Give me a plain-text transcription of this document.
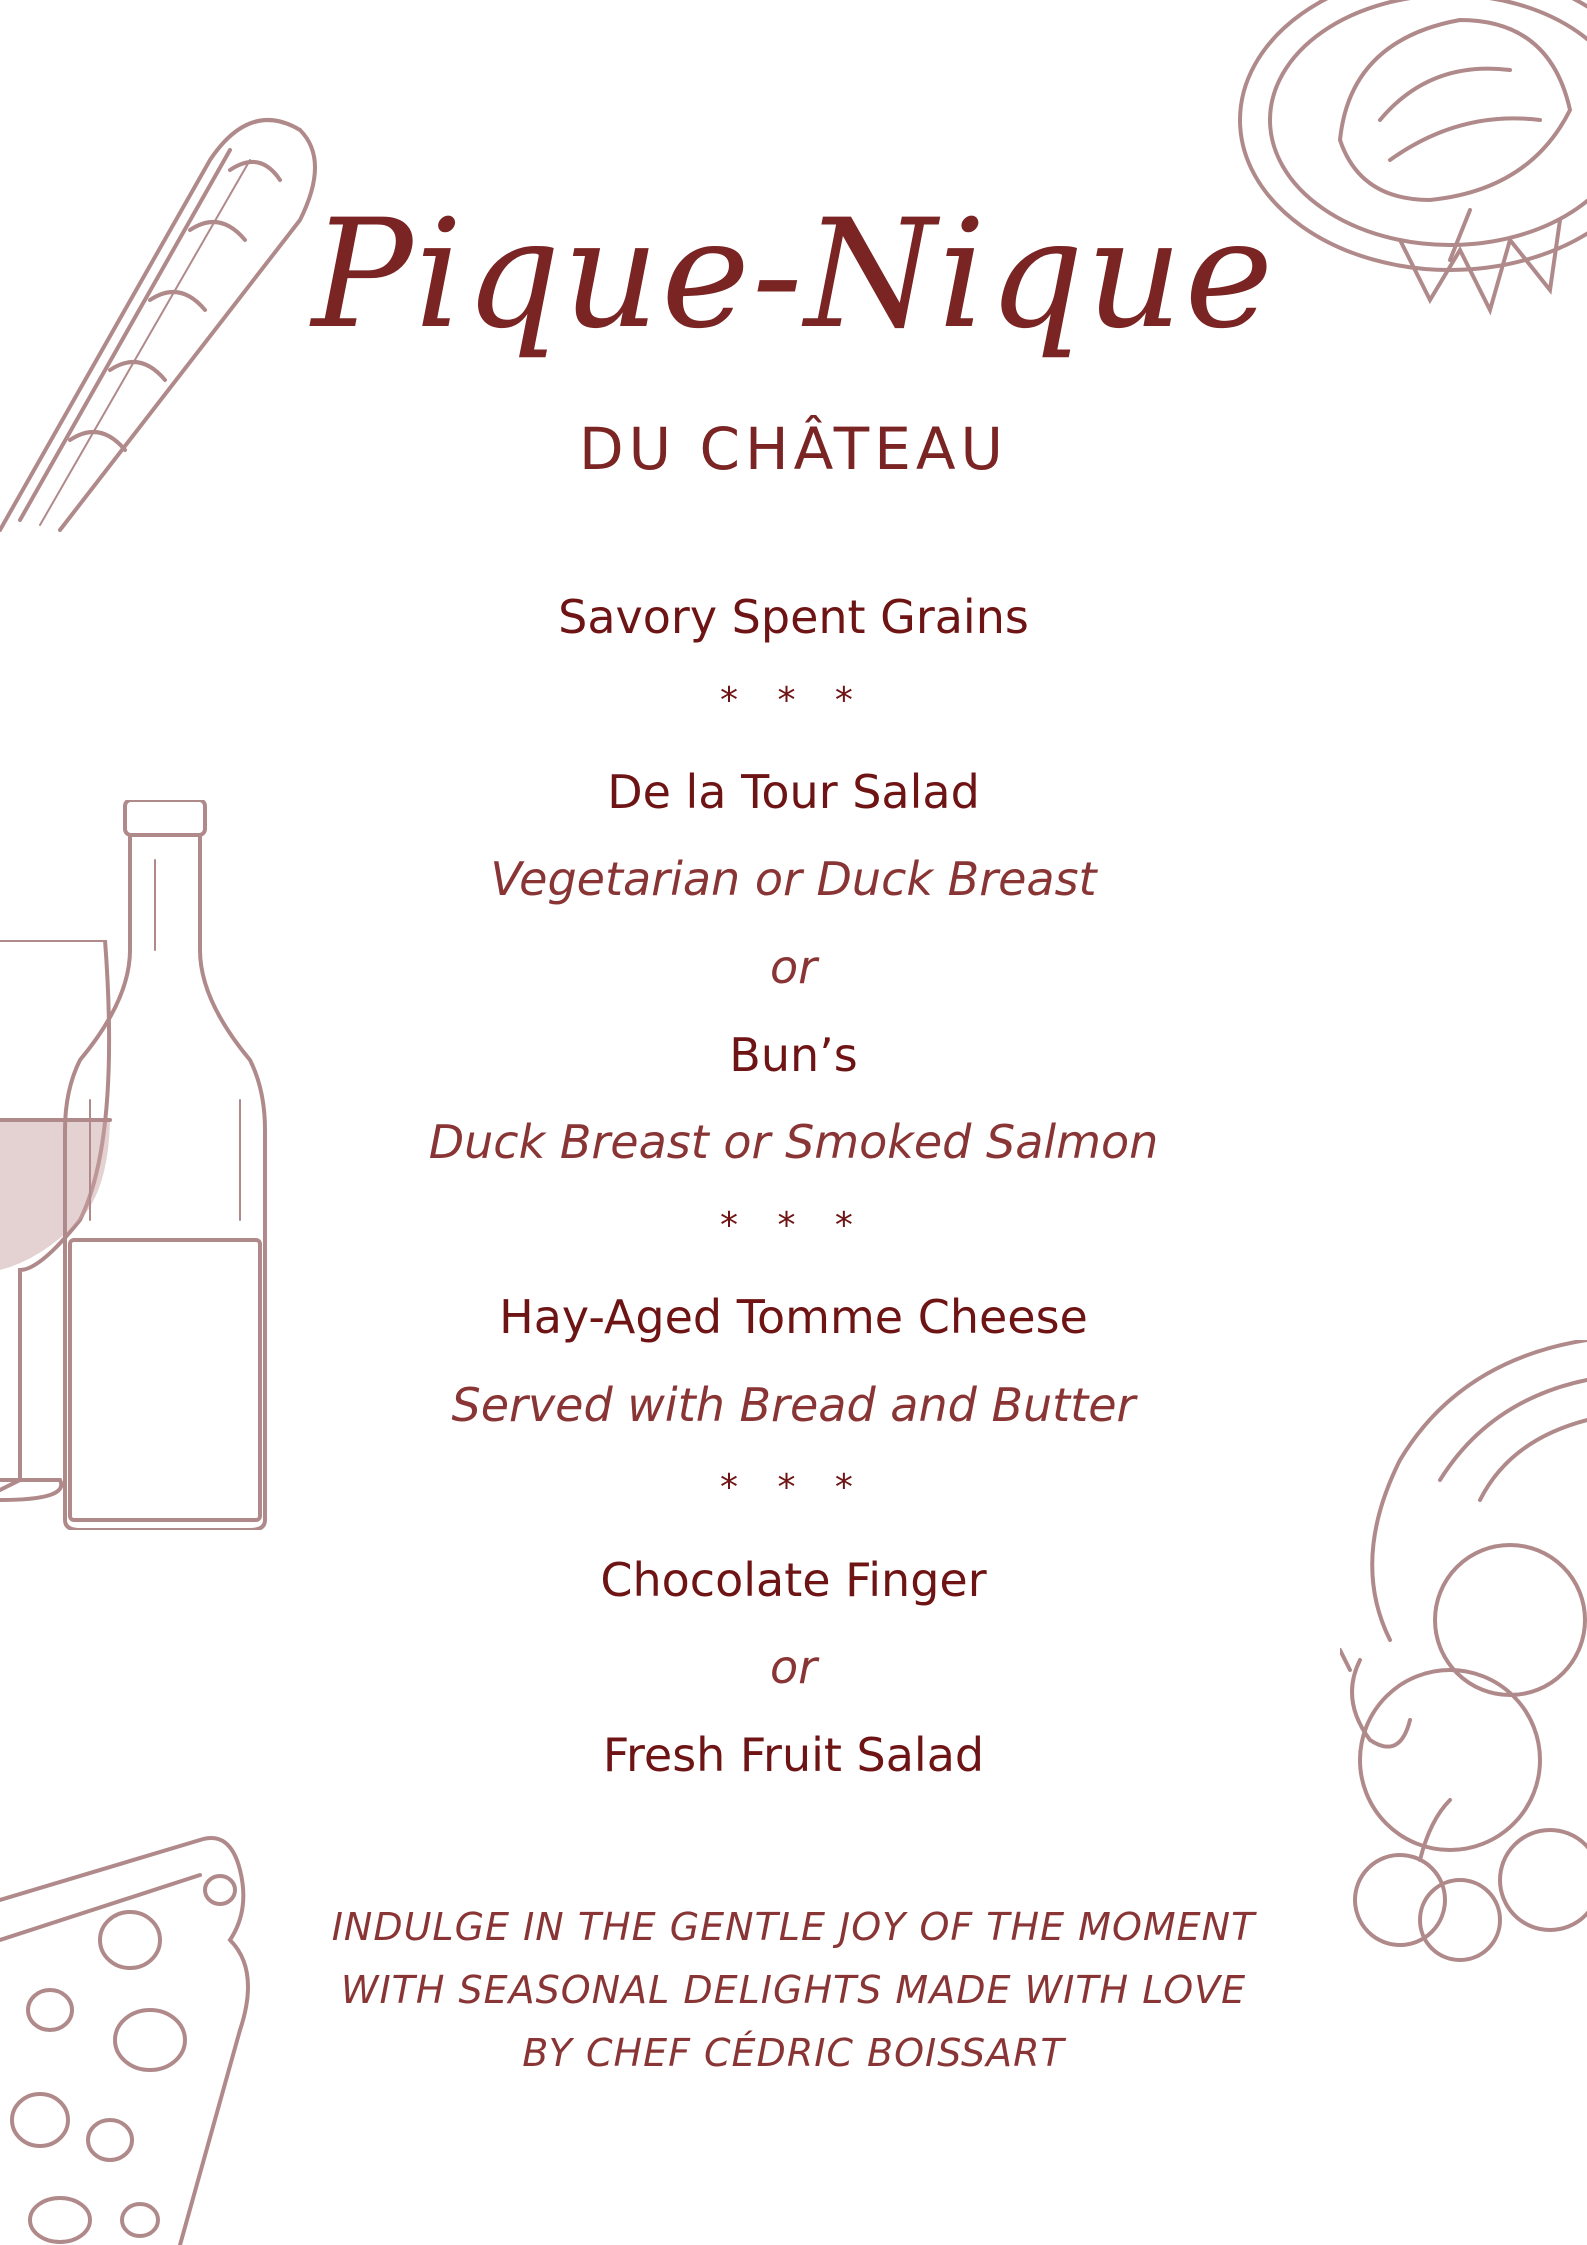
Pique-Nique
DU CHÂTEAU
Savory Spent Grains
* * *
De la Tour Salad
Vegetarian or Duck Breast
or
Bun’s
Duck Breast or Smoked Salmon
* * *
Hay-Aged Tomme Cheese
Served with Bread and Butter
* * *
Chocolate Finger
or
Fresh Fruit Salad
INDULGE IN THE GENTLE JOY OF THE MOMENT
WITH SEASONAL DELIGHTS MADE WITH LOVE
BY CHEF CÉDRIC BOISSART
